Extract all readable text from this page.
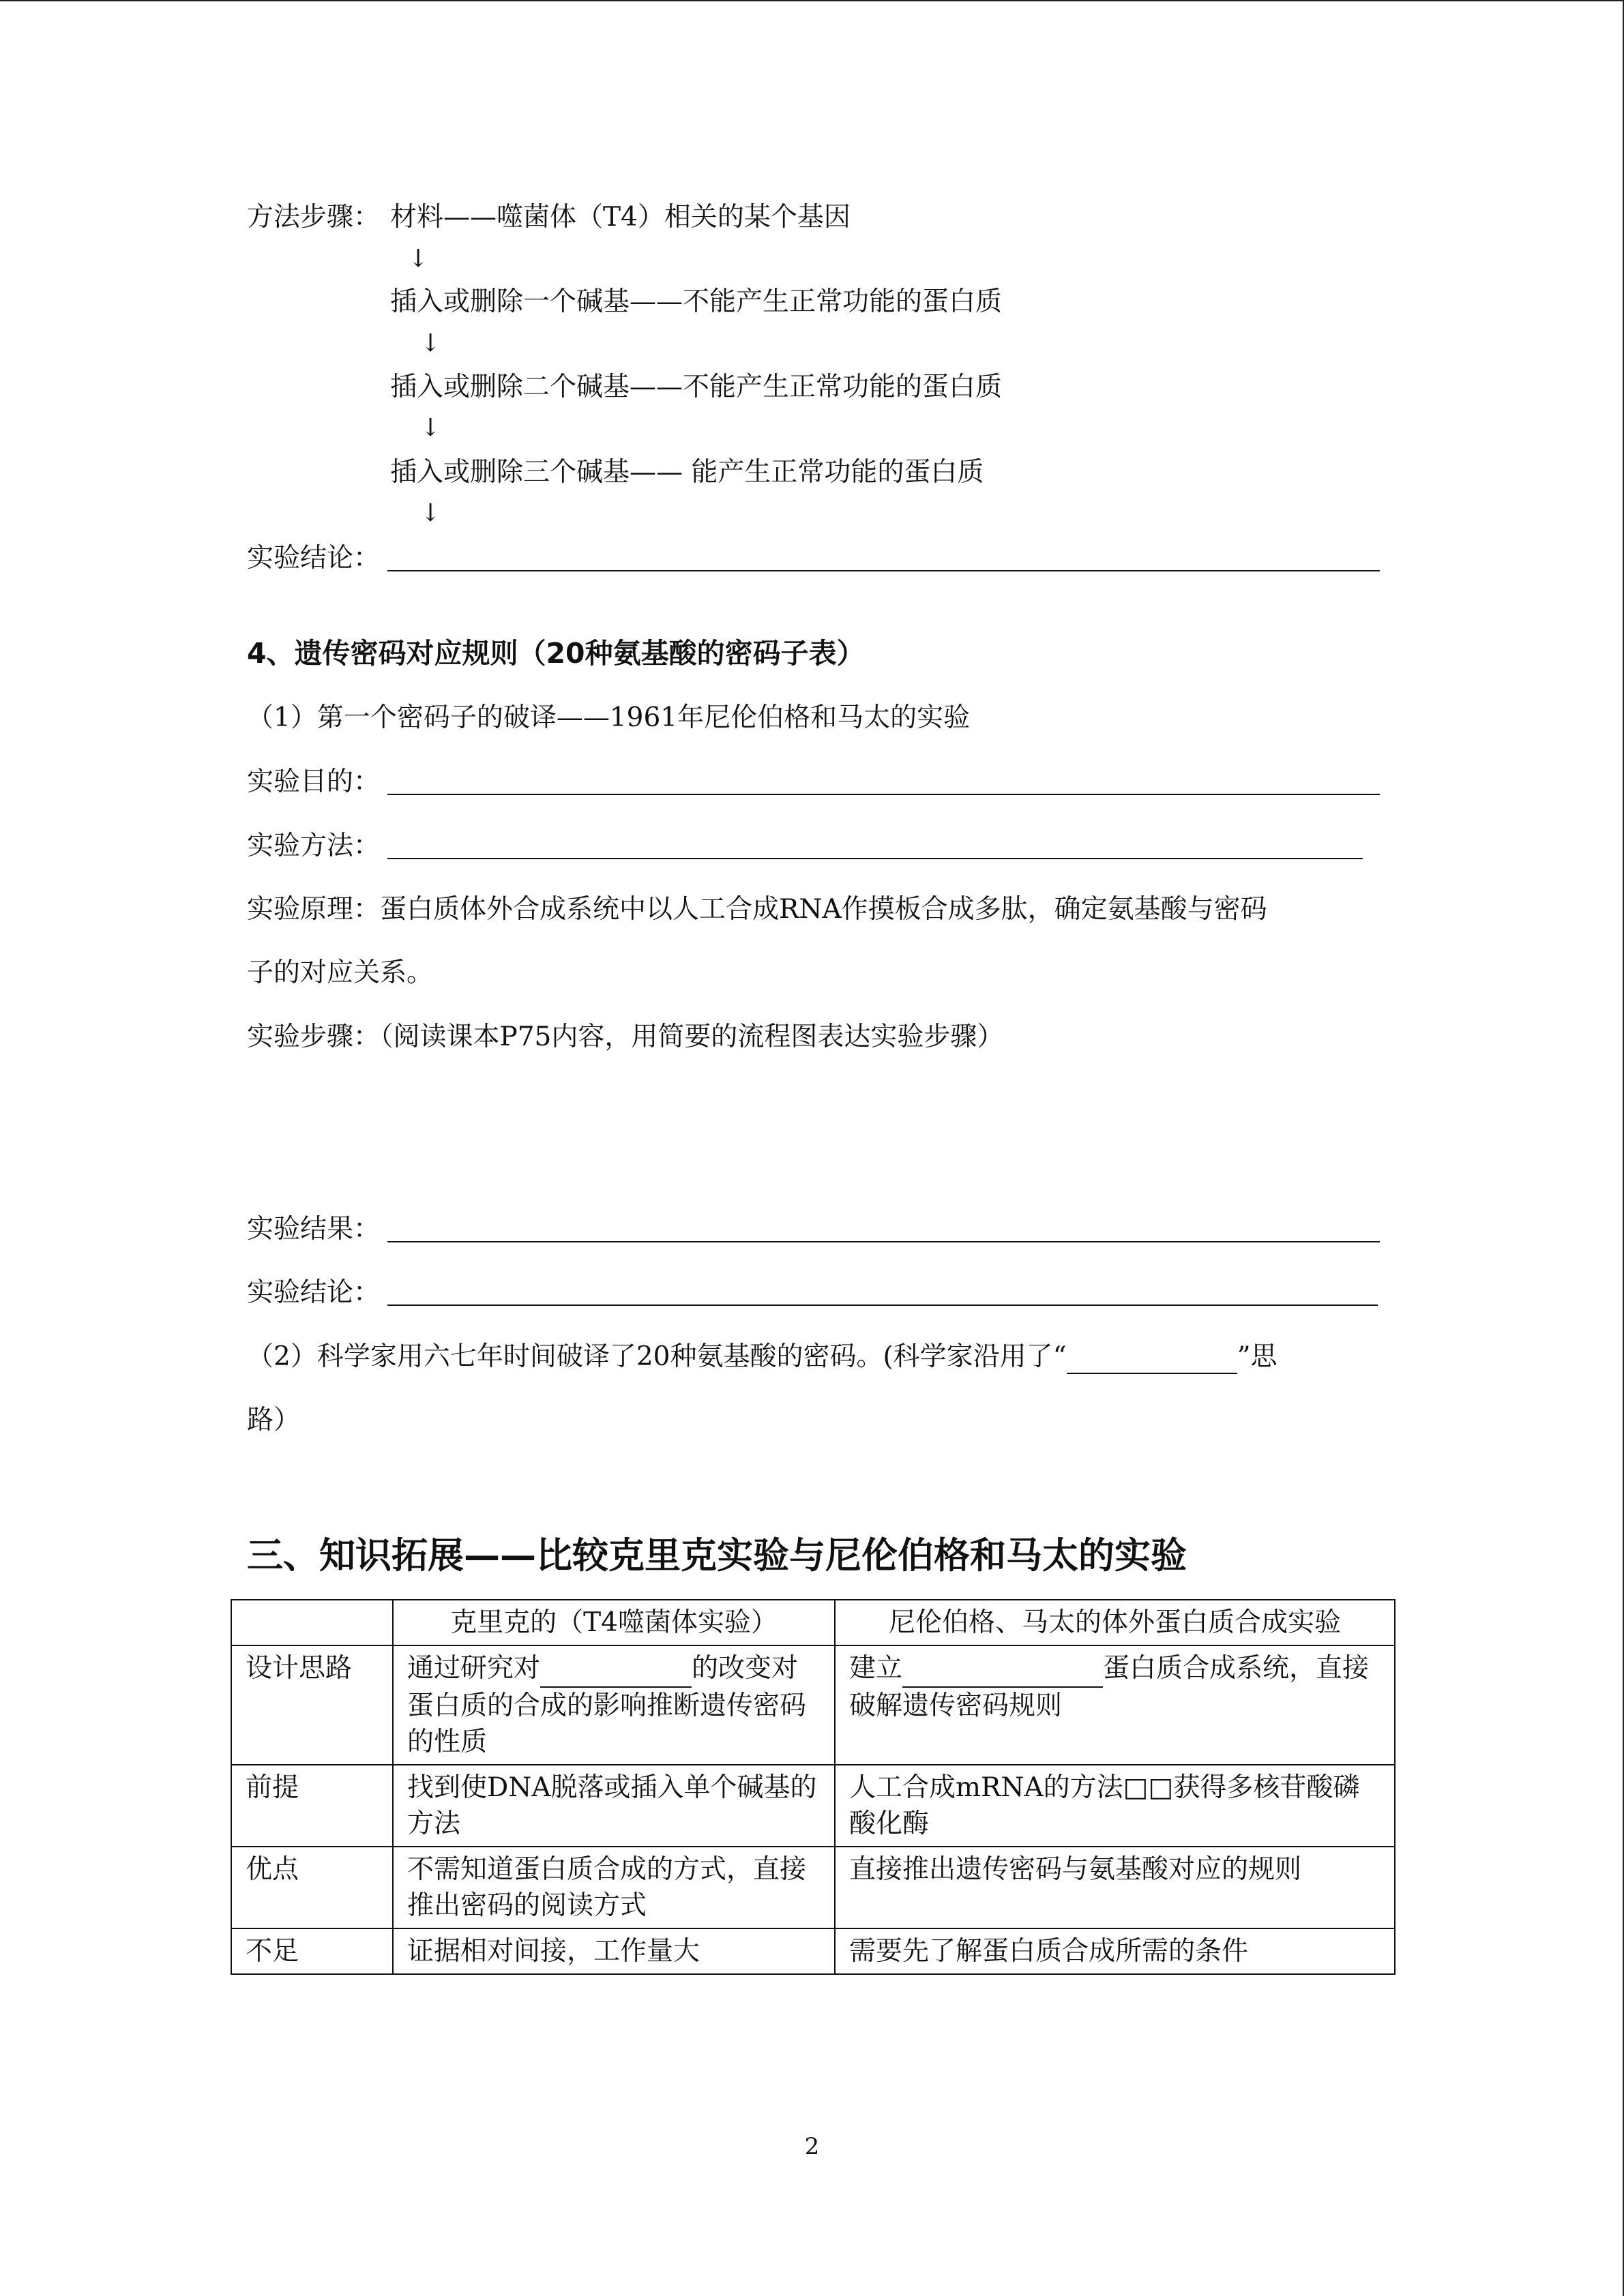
方法步骤： 材料——噬菌体（T4）相关的某个基因
↓
插入或删除一个碱基——不能产生正常功能的蛋白质
↓
插入或删除二个碱基——不能产生正常功能的蛋白质
↓
插入或删除三个碱基—— 能产生正常功能的蛋白质
↓
实验结论：
4、遗传密码对应规则（20种氨基酸的密码子表）
（1）第一个密码子的破译——1961年尼伦伯格和马太的实验
实验目的：
实验方法：
实验原理：蛋白质体外合成系统中以人工合成RNA作摸板合成多肽，确定氨基酸与密码
子的对应关系。
实验步骤：（阅读课本P75内容，用简要的流程图表达实验步骤）
实验结果：
实验结论：
（2）科学家用六七年时间破译了20种氨基酸的密码。(科学家沿用了“	”思
路）
三、知识拓展——比较克里克实验与尼伦伯格和马太的实验
	克里克的（T4噬菌体实验）	尼伦伯格、马太的体外蛋白质合成实验
设计思路	通过研究对 的改变对蛋白质的合成的影响推断遗传密码的性质	建立 蛋白质合成系统，直接破解遗传密码规则
前提	找到使DNA脱落或插入单个碱基的方法	人工合成mRNA的方法□□获得多核苷酸磷酸化酶
优点	不需知道蛋白质合成的方式，直接推出密码的阅读方式	直接推出遗传密码与氨基酸对应的规则
不足	证据相对间接，工作量大	需要先了解蛋白质合成所需的条件
2
